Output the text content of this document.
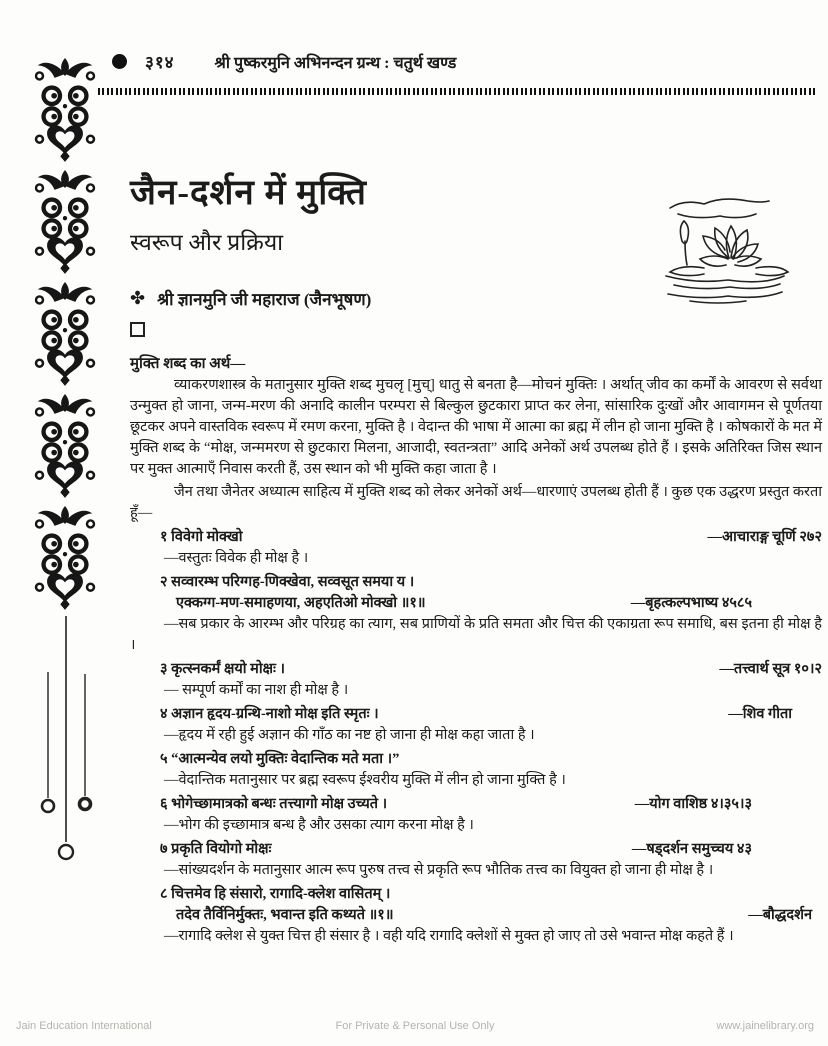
३१४	श्री पुष्करमुनि अभिनन्दन ग्रन्थ : चतुर्थ खण्ड
जैन-दर्शन में मुक्ति
स्वरूप और प्रक्रिया
✤ श्री ज्ञानमुनि जी महाराज (जैनभूषण)
मुक्ति शब्द का अर्थ—
व्याकरणशास्त्र के मतानुसार मुक्ति शब्द मुचलृ [मुच्] धातु से बनता है—मोचनं मुक्तिः । अर्थात् जीव का कर्मों के आवरण से सर्वथा उन्मुक्त हो जाना, जन्म-मरण की अनादि कालीन परम्परा से बिल्कुल छुटकारा प्राप्त कर लेना, सांसारिक दुःखों और आवागमन से पूर्णतया छूटकर अपने वास्तविक स्वरूप में रमण करना, मुक्ति है । वेदान्त की भाषा में आत्मा का ब्रह्म में लीन हो जाना मुक्ति है । कोषकारों के मत में मुक्ति शब्द के “मोक्ष, जन्ममरण से छुटकारा मिलना, आजादी, स्वतन्त्रता” आदि अनेकों अर्थ उपलब्ध होते हैं । इसके अतिरिक्त जिस स्थान पर मुक्त आत्माएँ निवास करती हैं, उस स्थान को भी मुक्ति कहा जाता है ।
जैन तथा जैनेतर अध्यात्म साहित्य में मुक्ति शब्द को लेकर अनेकों अर्थ—धारणाएं उपलब्ध होती हैं । कुछ एक उद्धरण प्रस्तुत करता हूँ—
१ विवेगो मोक्खो	—आचाराङ्ग चूर्णि २७२
—वस्तुतः विवेक ही मोक्ष है ।
२ सव्वारम्भ परिग्गह-णिक्खेवा, सव्वसूत समया य ।
एक्कग्ग-मण-समाहणया, अहएतिओ मोक्खो ॥१॥	—बृहत्कल्पभाष्य ४५८५
—सब प्रकार के आरम्भ और परिग्रह का त्याग, सब प्राणियों के प्रति समता और चित्त की एकाग्रता रूप समाधि, बस इतना ही मोक्ष है ।
३ कृत्स्नकर्मं क्षयो मोक्षः ।	—तत्त्वार्थ सूत्र १०।२
— सम्पूर्ण कर्मों का नाश ही मोक्ष है ।
४ अज्ञान हृदय-ग्रन्थि-नाशो मोक्ष इति स्मृतः ।	—शिव गीता
—हृदय में रही हुई अज्ञान की गाँठ का नष्ट हो जाना ही मोक्ष कहा जाता है ।
५ “आत्मन्येव लयो मुक्तिः वेदान्तिक मते मता ।”
—वेदान्तिक मतानुसार पर ब्रह्म स्वरूप ईश्वरीय मुक्ति में लीन हो जाना मुक्ति है ।
६ भोगेच्छामात्रको बन्धः तत्त्यागो मोक्ष उच्यते ।	—योग वाशिष्ठ ४।३५।३
—भोग की इच्छामात्र बन्ध है और उसका त्याग करना मोक्ष है ।
७ प्रकृति वियोगो मोक्षः	—षड्दर्शन समुच्चय ४३
—सांख्यदर्शन के मतानुसार आत्म रूप पुरुष तत्त्व से प्रकृति रूप भौतिक तत्त्व का वियुक्त हो जाना ही मोक्ष है ।
८ चित्तमेव हि संसारो, रागादि-क्लेश वासितम् ।
तदेव तैर्विनिर्मुक्तः, भवान्त इति कथ्यते ॥१॥	—बौद्धदर्शन
—रागादि क्लेश से युक्त चित्त ही संसार है । वही यदि रागादि क्लेशों से मुक्त हो जाए तो उसे भवान्त मोक्ष कहते हैं ।
Jain Education International	For Private & Personal Use Only	www.jainelibrary.org
